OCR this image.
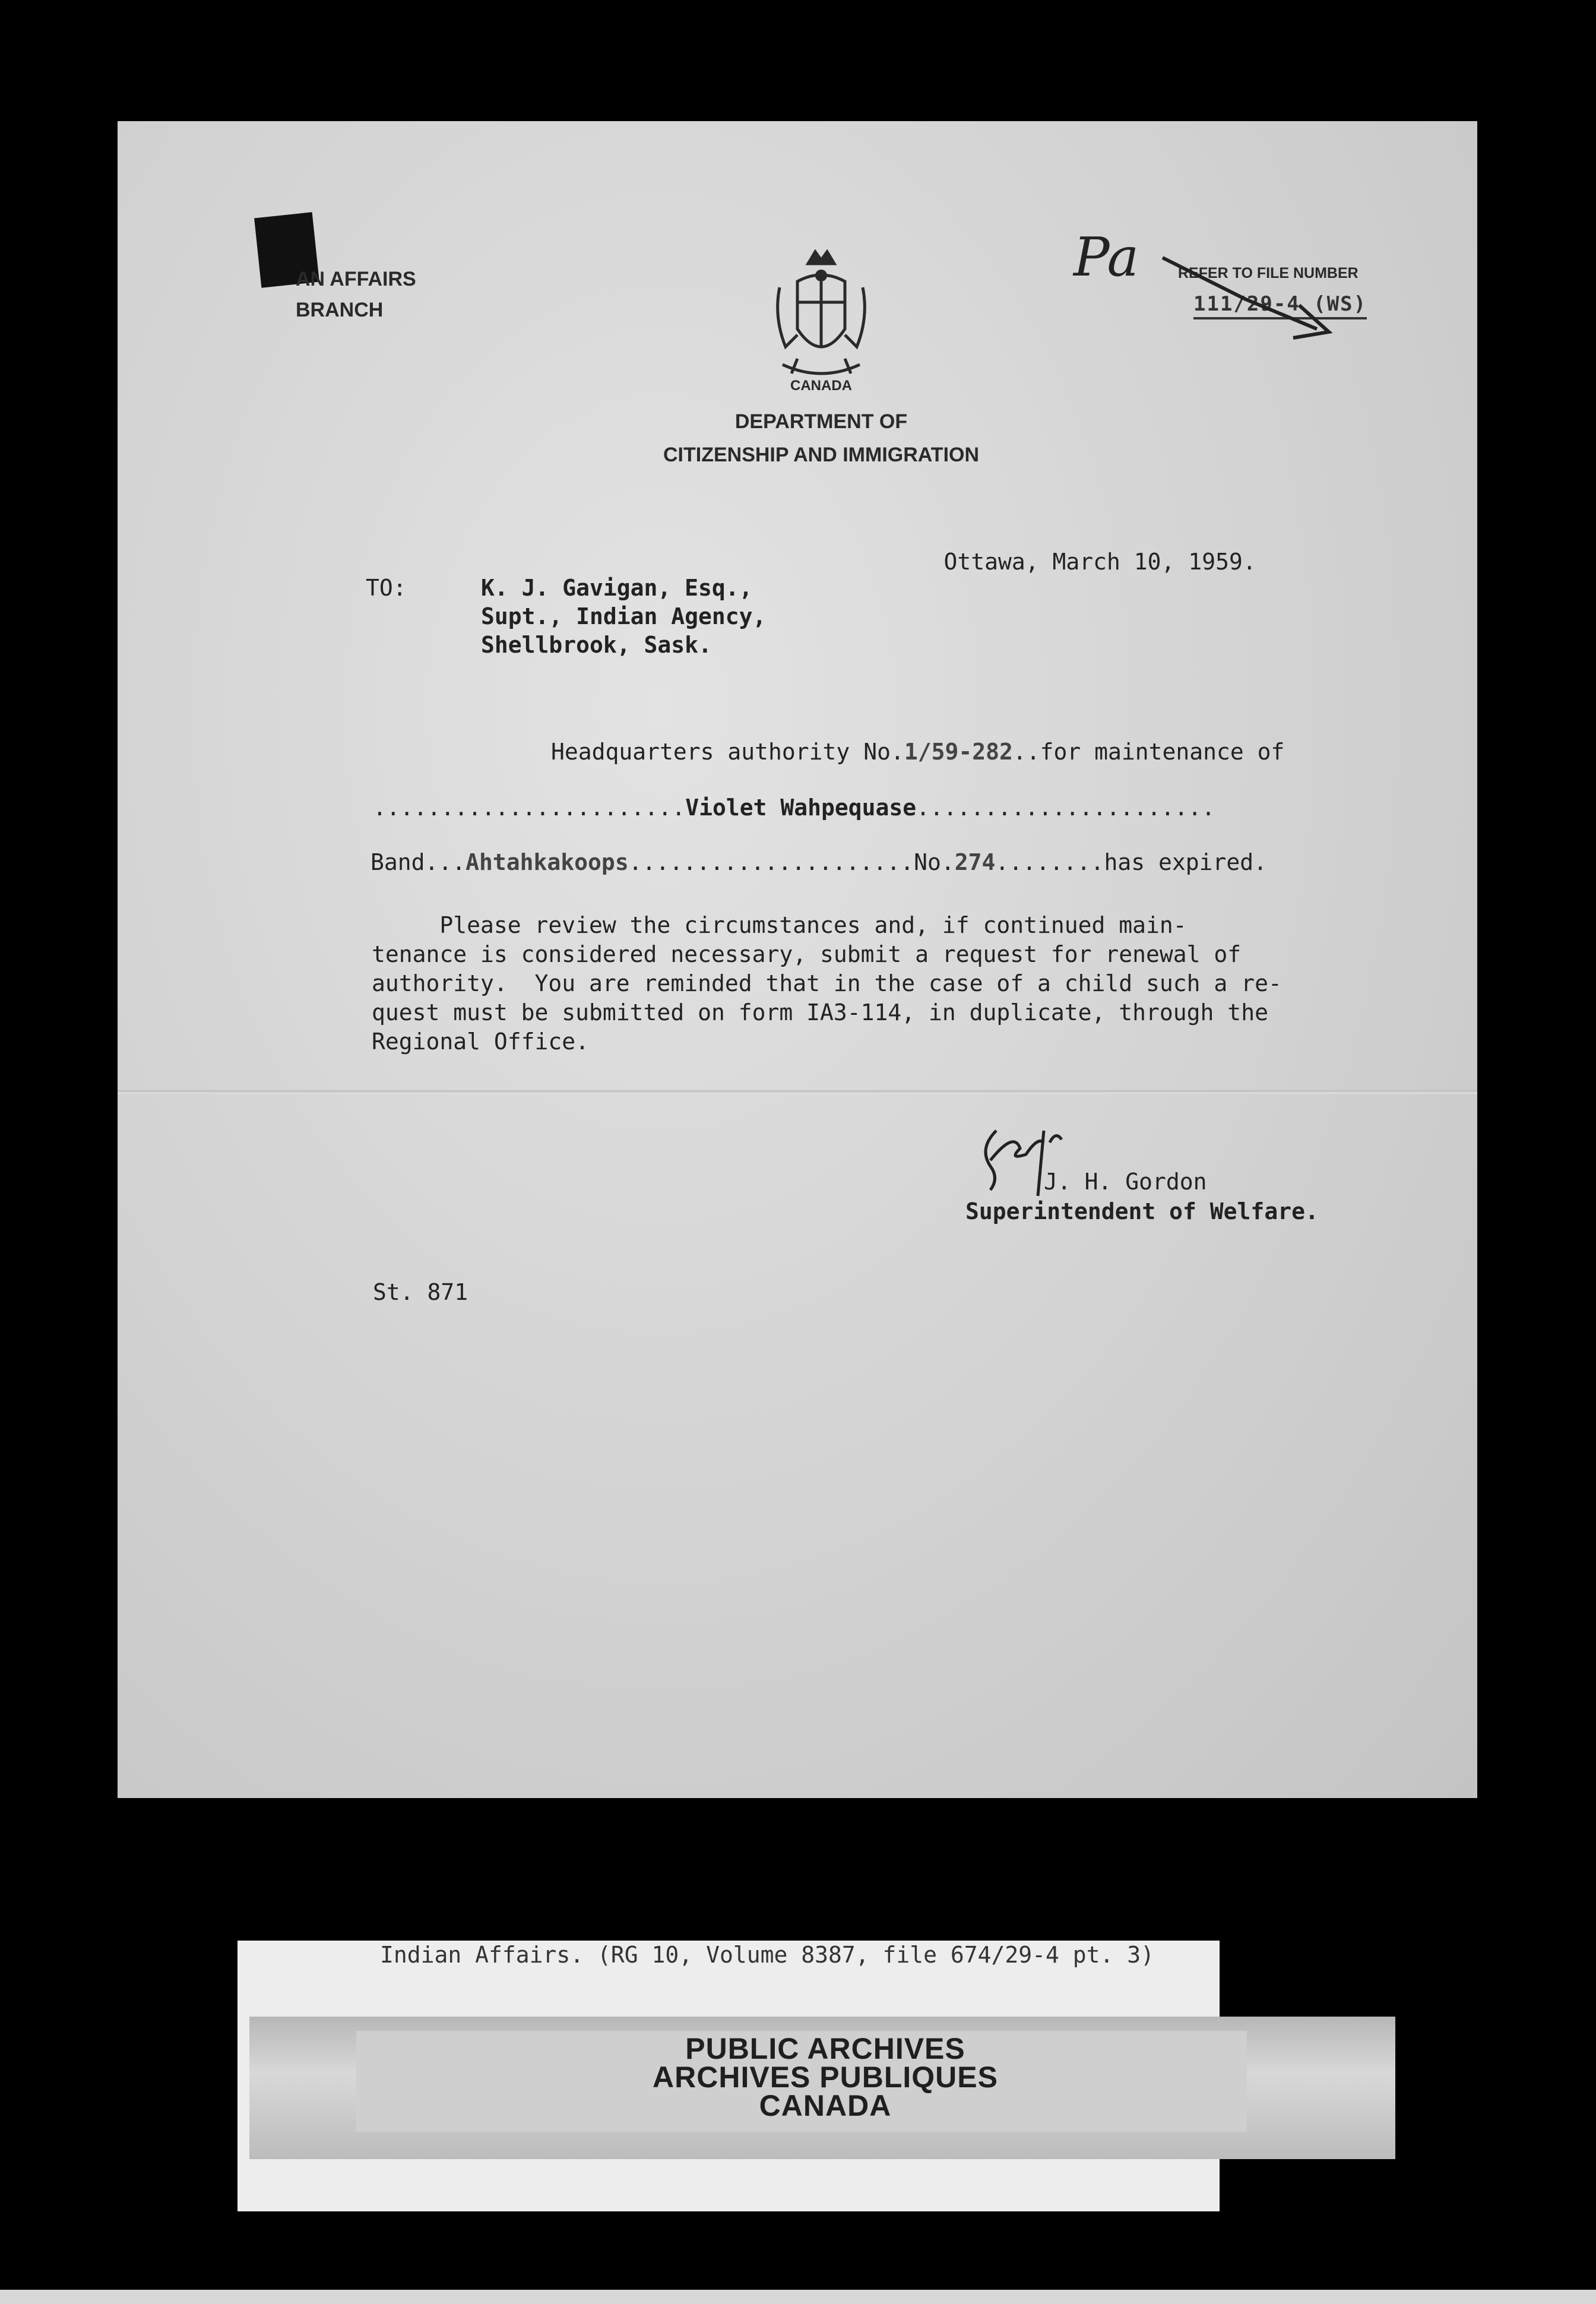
AN AFFAIRS
BRANCH
CANADA
DEPARTMENT OF
CITIZENSHIP AND IMMIGRATION
REFER TO FILE NUMBER
111/29-4 (WS)
Pa

Ottawa, March 10, 1959.

TO:	K. J. Gavigan, Esq.,
Supt., Indian Agency,
Shellbrook, Sask.
Headquarters authority No.1/59-282..for maintenance of
.......................Violet Wahpequase......................
Band...Ahtahkakoops.....................No.274........has expired.
Please review the circumstances and, if continued main-
tenance is considered necessary, submit a request for renewal of
authority.  You are reminded that in the case of a child such a re-
quest must be submitted on form IA3-114, in duplicate, through the
Regional Office.
J. H. Gordon
Superintendent of Welfare.
St. 871
Indian Affairs. (RG 10, Volume 8387, file 674/29-4 pt. 3)
PUBLIC ARCHIVES
ARCHIVES PUBLIQUES
CANADA
